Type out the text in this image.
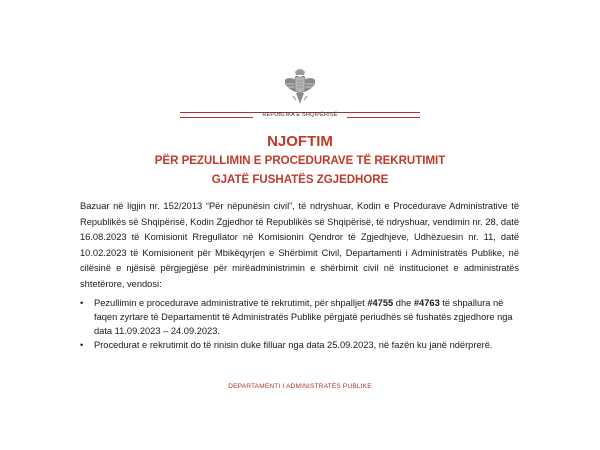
REPUBLIKA E SHQIPËRISË
NJOFTIM
PËR PEZULLIMIN E PROCEDURAVE TË REKRUTIMIT
GJATË FUSHATËS ZGJEDHORE
Bazuar në ligjin nr. 152/2013 “Për nëpunësin civil”, të ndryshuar, Kodin e Procedurave Administrative të Republikës së Shqipërisë, Kodin Zgjedhor të Republikës së Shqipërisë, të ndryshuar, vendimin nr. 28, datë 16.08.2023 të Komisionit Rregullator në Komisionin Qendror të Zgjedhjeve, Udhëzuesin nr. 11, datë 10.02.2023 të Komisionerit për Mbikëqyrjen e Shërbimit Civil, Departamenti i Administratës Publike, në cilësinë e njësisë përgjegjëse për mirëadministrimin e shërbimit civil në institucionet e administratës shtetërore, vendosi:

• Pezullimin e procedurave administrative të rekrutimit, për shpalljet #4755 dhe #4763 të shpallura në faqen zyrtare të Departamentit të Administratës Publike përgjatë periudhës së fushatës zgjedhore nga data 11.09.2023 – 24.09.2023.

• Procedurat e rekrutimit do të rinisin duke filluar nga data 25.09.2023, në fazën ku janë ndërprerë.

DEPARTAMENTI I ADMINISTRATËS PUBLIKE
